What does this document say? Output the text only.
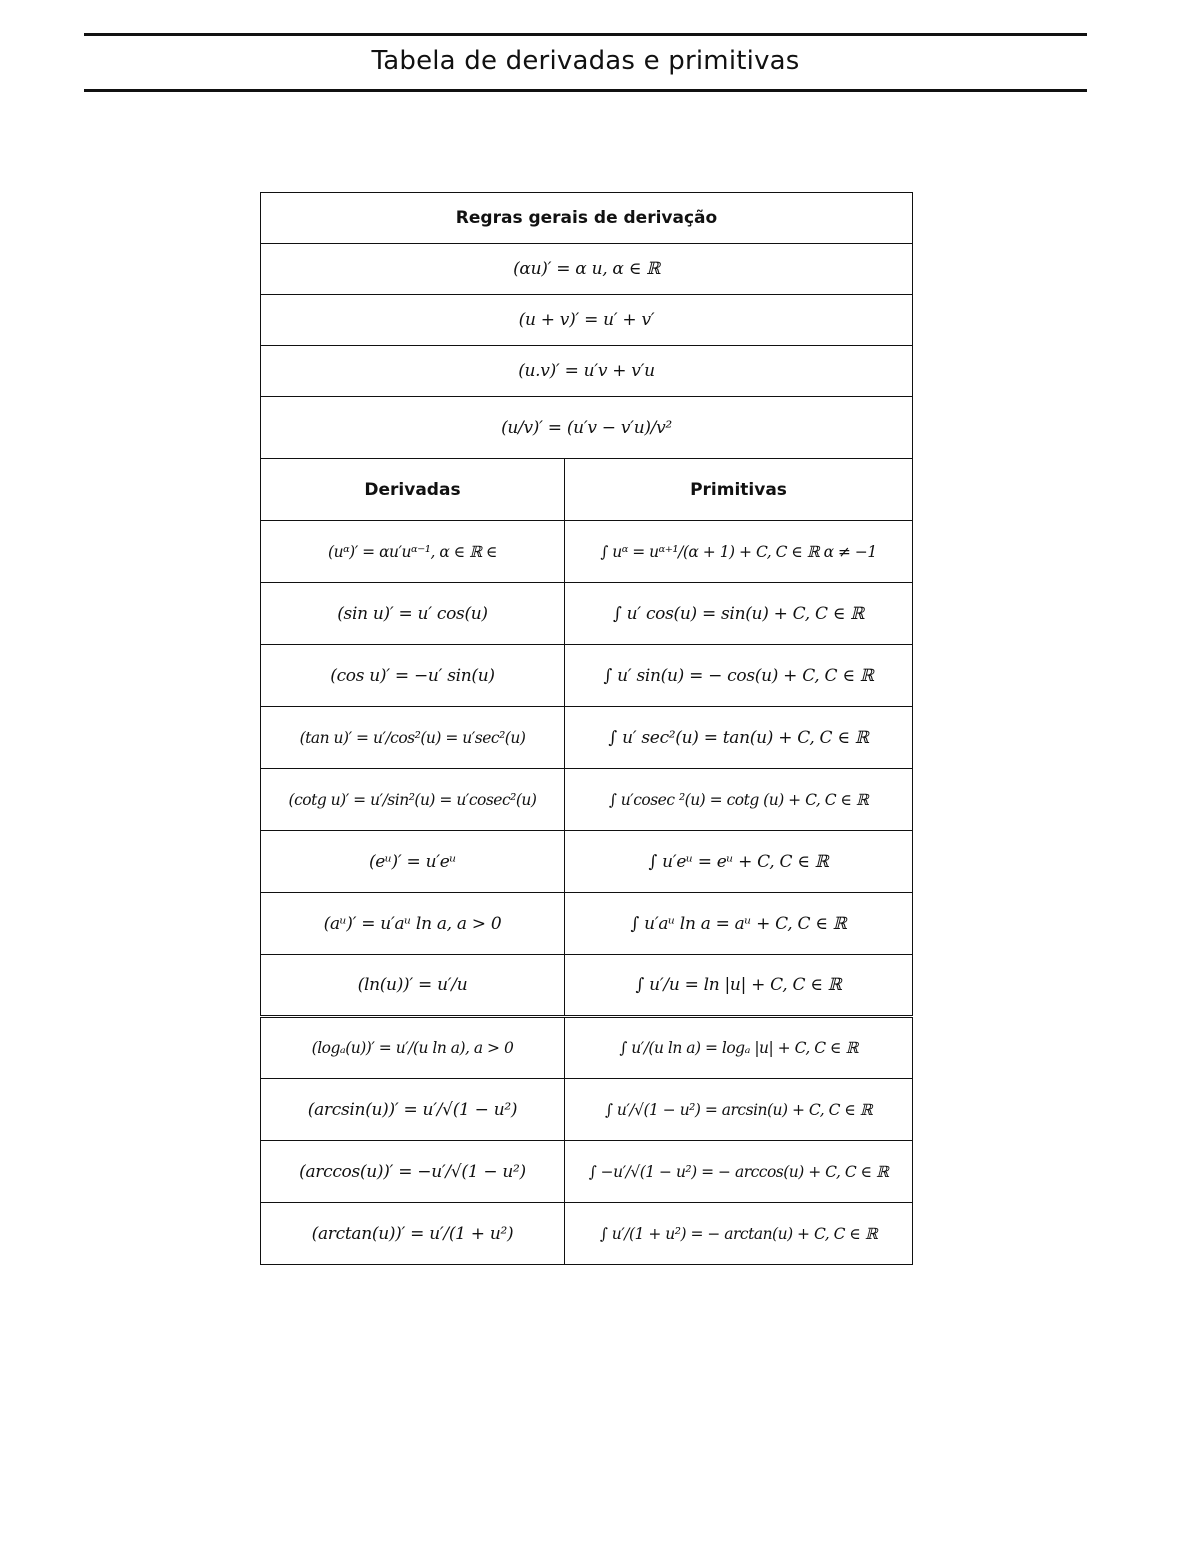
Tabela de derivadas e primitivas
Regras gerais de derivação	
(αu)′ = α u, α ∈ ℝ	
(u + v)′ = u′ + v′	
(u.v)′ = u′v + v′u	
(u/v)′ = (u′v − v′u)/v²	
Derivadas	Primitivas
(uᵅ)′ = αu′uᵅ⁻¹, α ∈ ℝ ∈	∫ uᵅ = uᵅ⁺¹/(α + 1) + C, C ∈ ℝ α ≠ −1
(sin u)′ = u′ cos(u)	∫ u′ cos(u) = sin(u) + C, C ∈ ℝ
(cos u)′ = −u′ sin(u)	∫ u′ sin(u) = − cos(u) + C, C ∈ ℝ
(tan u)′ = u′/cos²(u) = u′sec²(u)	∫ u′ sec²(u) = tan(u) + C, C ∈ ℝ
(cotg u)′ = u′/sin²(u) = u′cosec²(u)	∫ u′cosec ²(u) = cotg (u) + C, C ∈ ℝ
(eᵘ)′ = u′eᵘ	∫ u′eᵘ = eᵘ + C, C ∈ ℝ
(aᵘ)′ = u′aᵘ ln a, a > 0	∫ u′aᵘ ln a = aᵘ + C, C ∈ ℝ
(ln(u))′ = u′/u	∫ u′/u = ln |u| + C, C ∈ ℝ
(logₐ(u))′ = u′/(u ln a), a > 0	∫ u′/(u ln a) = logₐ |u| + C, C ∈ ℝ
(arcsin(u))′ = u′/√(1 − u²)	∫ u′/√(1 − u²) = arcsin(u) + C, C ∈ ℝ
(arccos(u))′ = −u′/√(1 − u²)	∫ −u′/√(1 − u²) = − arccos(u) + C, C ∈ ℝ
(arctan(u))′ = u′/(1 + u²)	∫ u′/(1 + u²) = − arctan(u) + C, C ∈ ℝ
